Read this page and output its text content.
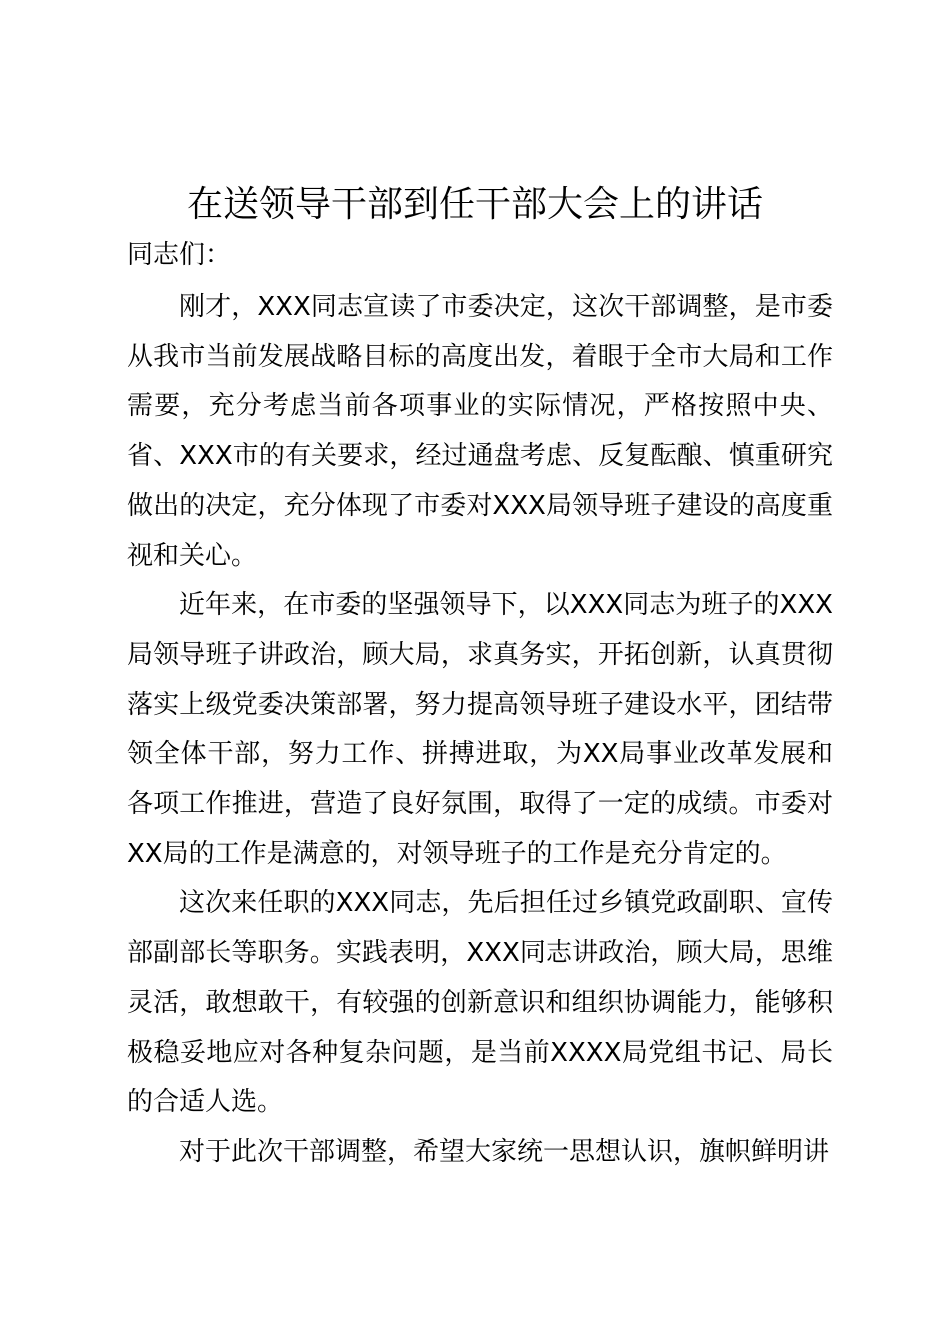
在送领导干部到任干部大会上的讲话
同志们：

刚才，XXX同志宣读了市委决定，这次干部调整，是市委从我市当前发展战略目标的高度出发，着眼于全市大局和工作需要，充分考虑当前各项事业的实际情况，严格按照中央、省、XXX市的有关要求，经过通盘考虑、反复酝酿、慎重研究做出的决定，充分体现了市委对XXX局领导班子建设的高度重视和关心。

近年来，在市委的坚强领导下，以XXX同志为班子的XXX局领导班子讲政治，顾大局，求真务实，开拓创新，认真贯彻落实上级党委决策部署，努力提高领导班子建设水平，团结带领全体干部，努力工作、拼搏进取，为XX局事业改革发展和各项工作推进，营造了良好氛围，取得了一定的成绩。市委对XX局的工作是满意的，对领导班子的工作是充分肯定的。

这次来任职的XXX同志，先后担任过乡镇党政副职、宣传部副部长等职务。实践表明，XXX同志讲政治，顾大局，思维灵活，敢想敢干，有较强的创新意识和组织协调能力，能够积极稳妥地应对各种复杂问题，是当前XXXX局党组书记、局长的合适人选。

对于此次干部调整，希望大家统一思想认识，旗帜鲜明讲
